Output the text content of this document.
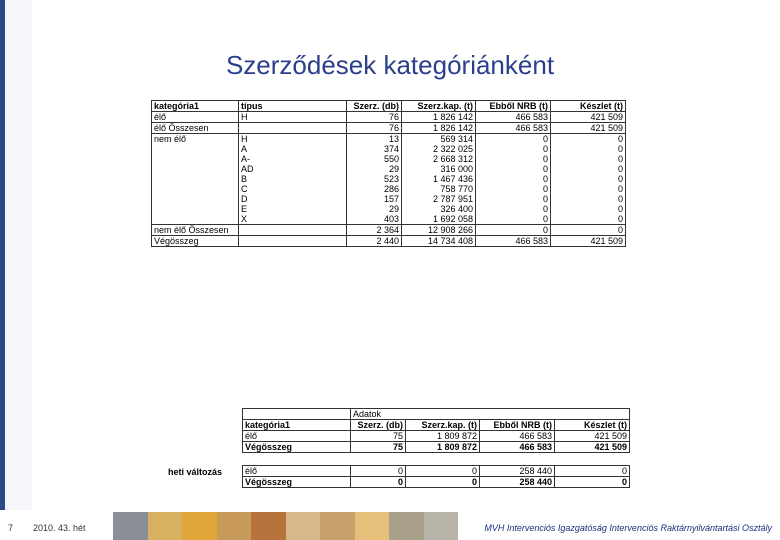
Szerződések kategóriánként
kategória1	típus	Szerz. (db)	Szerz.kap. (t)	Ebből NRB (t)	Készlet (t)
élő	H	76	1 826 142	466 583	421 509
élő Összesen		76	1 826 142	466 583	421 509
nem élő	H	13	569 314	0	0
	A	374	2 322 025	0	0
	A-	550	2 668 312	0	0
	AD	29	316 000	0	0
	B	523	1 467 436	0	0
	C	286	758 770	0	0
	D	157	2 787 951	0	0
	E	29	326 400	0	0
	X	403	1 692 058	0	0
nem élő Összesen		2 364	12 908 266	0	0
Végösszeg		2 440	14 734 408	466 583	421 509
	Adatok			
kategória1	Szerz. (db)	Szerz.kap. (t)	Ebből NRB (t)	Készlet (t)
élő	75	1 809 872	466 583	421 509
Végösszeg	75	1 809 872	466 583	421 509
heti változás	élő	0	0	258 440	0
Végösszeg	0	0	258 440	0
7 2010. 43. hét	MVH Intervenciós Igazgatóság Intervenciós Raktárnyilvántartási Osztály
